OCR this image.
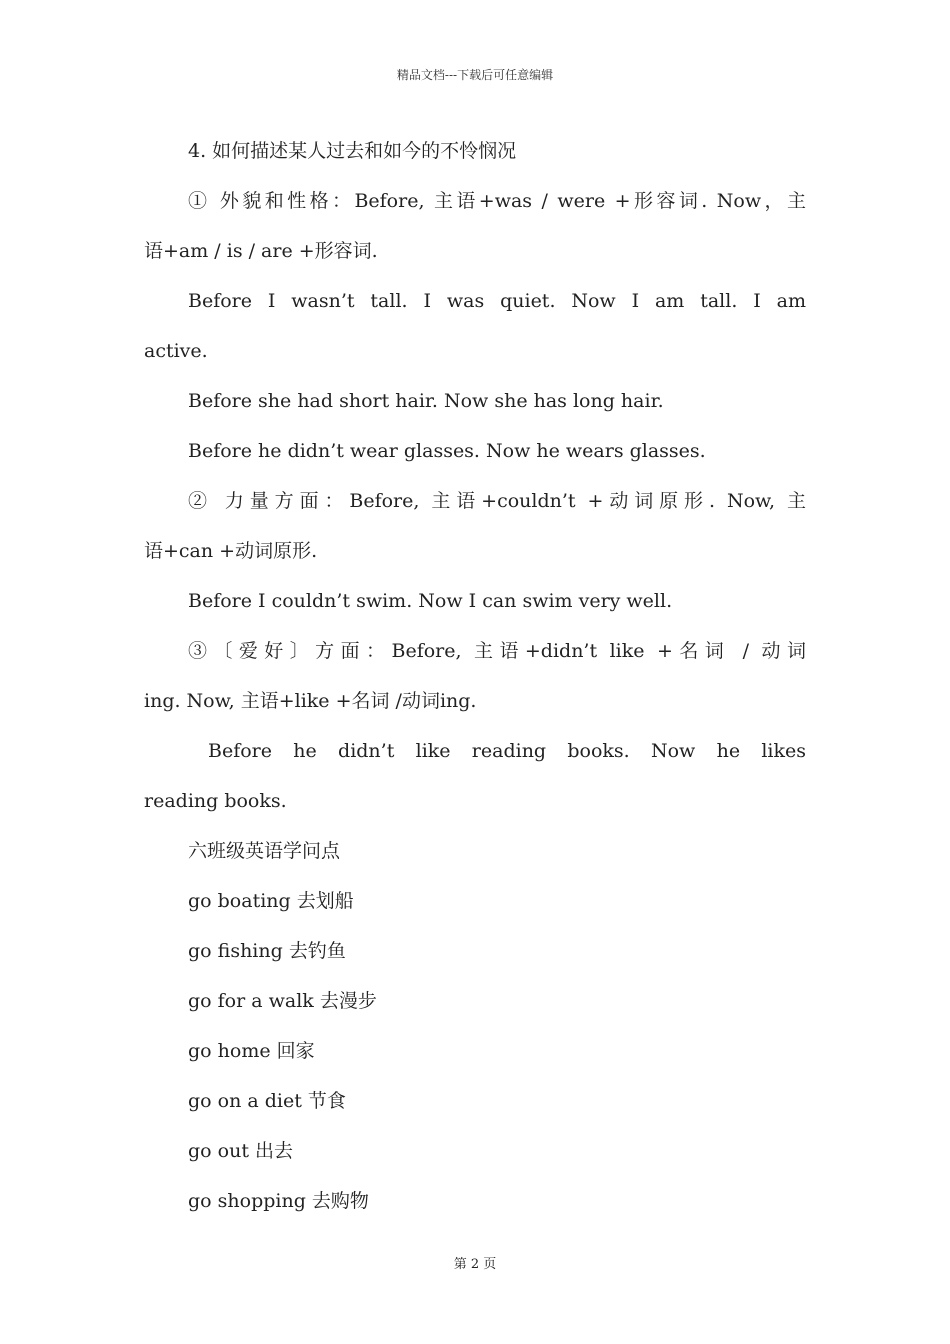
精品文档---下载后可任意编辑
4. 如何描述某人过去和如今的不怜悯况
① 外貌和性格：Before, 主语+was / were +形容词. Now，主
语+am / is / are +形容词.
Before I wasn’t tall. I was quiet. Now I am tall. I am
active.
Before she had short hair. Now she has long hair.
Before he didn’t wear glasses. Now he wears glasses.
② 力量方面：Before, 主语+couldn’t +动词原形. Now, 主
语+can +动词原形.
Before I couldn’t swim. Now I can swim very well.
③〔爱好〕方面：Before, 主语+didn’t like +名词 / 动词
ing. Now, 主语+like +名词 /动词ing.
Before he didn’t like reading books. Now he likes
reading books.
六班级英语学问点
go boating 去划船
go fishing 去钓鱼
go for a walk 去漫步
go home 回家
go on a diet 节食
go out 出去
go shopping 去购物
第 2 页
